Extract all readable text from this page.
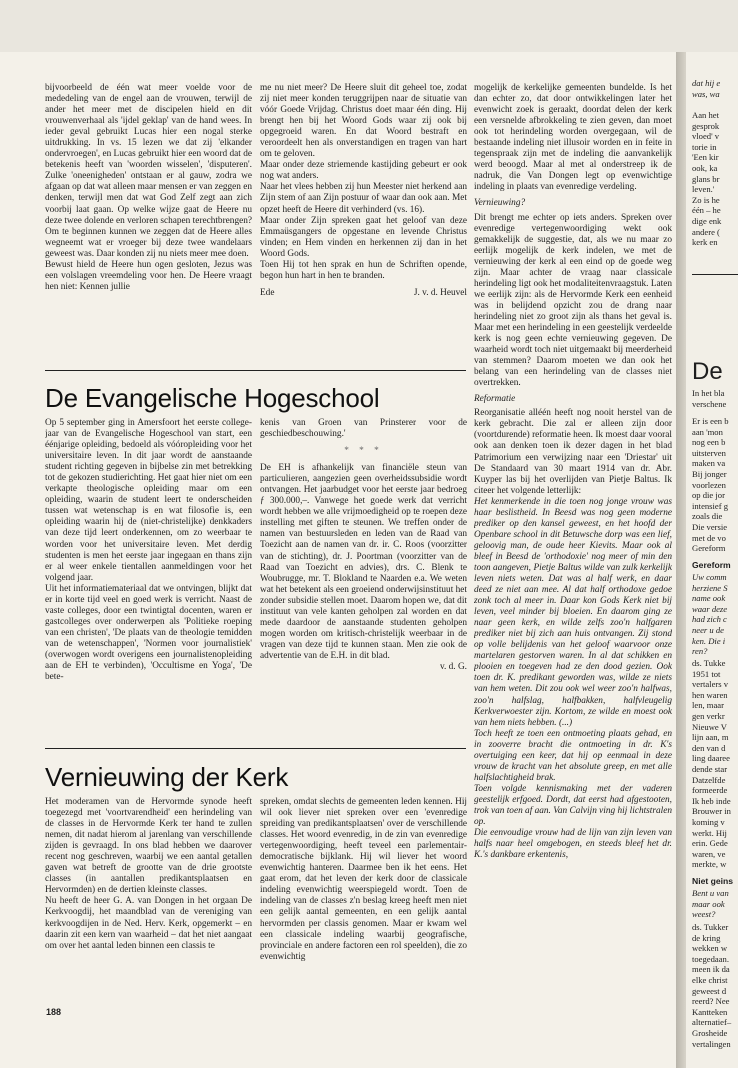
bijvoorbeeld de één wat meer voelde voor de mededeling van de engel aan de vrouwen, terwijl de ander het meer met de discipelen hield en dit vrouwenverhaal als 'ijdel geklap' van de hand wees. In ieder geval gebruikt Lucas hier een nogal sterke uitdrukking. In vs. 15 lezen we dat zij 'elkander ondervroegen', en Lucas gebruikt hier een woord dat de betekenis heeft van 'woorden wisselen', 'disputeren'. Zulke 'oneenigheden' ontstaan er al gauw, zodra we afgaan op dat wat alleen maar mensen er van zeggen en denken, terwijl men dat wat God Zelf zegt aan zich voorbij laat gaan. Op welke wijze gaat de Heere nu deze twee dolende en verloren schapen terechtbrengen? Om te beginnen kunnen we zeggen dat de Heere alles wegneemt wat er vroeger bij deze twee wandelaars geweest was. Daar konden zij nu niets meer mee doen.

Bewust hield de Heere hun ogen gesloten, Jezus was een volslagen vreemdeling voor hen. De Heere vraagt hen niet: Kennen jullie

me nu niet meer? De Heere sluit dit geheel toe, zodat zij niet meer konden teruggrijpen naar de situatie van vóór Goede Vrijdag. Christus doet maar één ding. Hij brengt hen bij het Woord Gods waar zij ook bij opgegroeid waren. En dat Woord bestraft en veroordeelt hen als onverstandigen en tragen van hart om te geloven.

Maar onder deze striemende kastijding gebeurt er ook nog wat anders.

Naar het vlees hebben zij hun Meester niet herkend aan Zijn stem of aan Zijn postuur of waar dan ook aan. Met opzet heeft de Heere dit verhinderd (vs. 16).

Maar onder Zijn spreken gaat het geloof van deze Emmaüsgangers de opgestane en levende Christus vinden; en Hem vinden en herkennen zij dan in het Woord Gods.

Toen Hij tot hen sprak en hun de Schriften opende, begon hun hart in hen te branden.

Ede	J. v. d. Heuvel
De Evangelische Hogeschool

Op 5 september ging in Amersfoort het eerste college-jaar van de Evangelische Hogeschool van start, een éénjarige opleiding, bedoeld als vóóropleiding voor het universitaire leven. In dit jaar wordt de aanstaande student richting gegeven in bijbelse zin met betrekking tot de gekozen studierichting. Het gaat hier niet om een verkapte theologische opleiding maar om een opleiding, waarin de student leert te onderscheiden tussen wat wetenschap is en wat filosofie is, een opleiding waarin hij de (niet-christelijke) denkkaders van deze tijd leert onderkennen, om zo weerbaar te worden voor het universitaire leven. Met derdig studenten is men het eerste jaar ingegaan en thans zijn er al weer enkele tientallen aanmeldingen voor het volgend jaar.

Uit het informatiemateriaal dat we ontvingen, blijkt dat er in korte tijd veel en goed werk is verricht. Naast de vaste colleges, door een twintigtal docenten, waren er gastcolleges over onderwerpen als 'Politieke roeping van een christen', 'De plaats van de theologie temidden van de wetenschappen', 'Normen voor journalistiek' (overwogen wordt overigens een journalistenopleiding aan de EH te verbinden), 'Occultisme en Yoga', 'De bete-

kenis van Groen van Prinsterer voor de geschiedbeschouwing.'

* * *

De EH is afhankelijk van financiële steun van particulieren, aangezien geen overheidssubsidie wordt ontvangen. Het jaarbudget voor het eerste jaar bedroeg ƒ 300.000,–. Vanwege het goede werk dat verricht wordt hebben we alle vrijmoedigheid op te roepen deze instelling met giften te steunen. We treffen onder de namen van bestuursleden en leden van de Raad van Toezicht aan de namen van dr. ir. C. Roos (voorzitter van de stichting), dr. J. Poortman (voorzitter van de Raad van Toezicht en advies), drs. C. Blenk te Woubrugge, mr. T. Blokland te Naarden e.a. We weten wat het betekent als een groeiend onderwijsinstituut het zonder subsidie stellen moet. Daarom hopen we, dat dit instituut van vele kanten geholpen zal worden en dat mede daardoor de aanstaande studenten geholpen mogen worden om kritisch-christelijk weerbaar in de vragen van deze tijd te kunnen staan. Men zie ook de advertentie van de E.H. in dit blad.

v. d. G.

Vernieuwing der Kerk

Het moderamen van de Hervormde synode heeft toegezegd met 'voortvarendheid' een herindeling van de classes in de Hervormde Kerk ter hand te zullen nemen, dit nadat hierom al jarenlang van verschillende zijden is gevraagd. In ons blad hebben we daarover recent nog geschreven, waarbij we een aantal getallen gaven wat betreft de grootte van de drie grootste classes (in aantallen predikantsplaatsen en Hervormden) en de dertien kleinste classes.

Nu heeft de heer G. A. van Dongen in het orgaan De Kerkvoogdij, het maandblad van de vereniging van kerkvoogdijen in de Ned. Herv. Kerk, opgemerkt – en daarin zit een kern van waarheid – dat het niet aangaat om over het aantal leden binnen een classis te

spreken, omdat slechts de gemeenten leden kennen. Hij wil ook liever niet spreken over een 'evenredige spreiding van predikantsplaatsen' over de verschillende classes. Het woord evenredig, in de zin van evenredige vertegenwoordiging, heeft teveel een parlementair-democratische bijklank. Hij wil liever het woord evenwichtig hanteren. Daarmee ben ik het eens. Het gaat erom, dat het leven der kerk door de classicale indeling evenwichtig weerspiegeld wordt. Toen de indeling van de classes z'n beslag kreeg heeft men niet een gelijk aantal gemeenten, en een gelijk aantal hervormden per classis genomen. Maar er kwam wel een classicale indeling waarbij geografische, provinciale en andere factoren een rol speelden), die zo evenwichtig

mogelijk de kerkelijke gemeenten bundelde. Is het dan echter zo, dat door ontwikkelingen later het evenwicht zoek is geraakt, doordat delen der kerk een versnelde afbrokkeling te zien geven, dan moet ook tot herindeling worden overgegaan, wil de bestaande indeling niet illusoir worden en in feite in tegenspraak zijn met de indeling die aanvankelijk werd beoogd. Maar al met al onderstreep ik de nadruk, die Van Dongen legt op evenwichtige indeling in plaats van evenredige verdeling.

Vernieuwing?

Dit brengt me echter op iets anders. Spreken over evenredige vertegenwoordiging wekt ook gemakkelijk de suggestie, dat, als we nu maar zo eerlijk mogelijk de kerk indelen, we met de vernieuwing der kerk al een eind op de goede weg zijn. Maar achter de vraag naar classicale herindeling ligt ook het modaliteitenvraagstuk. Laten we eerlijk zijn: als de Hervormde Kerk een eenheid was in belijdend opzicht zou de drang naar herindeling niet zo groot zijn als thans het geval is. Maar met een herindeling in een geestelijk verdeelde kerk is nog geen echte vernieuwing gegeven. De waarheid wordt toch niet uitgemaakt bij meerderheid van stemmen? Daarom moeten we dan ook het belang van een herindeling van de classes niet overtrekken.

Reformatie

Reorganisatie alléén heeft nog nooit herstel van de kerk gebracht. Die zal er alleen zijn door (voortdurende) reformatie heen. Ik moest daar vooral ook aan denken toen ik dezer dagen in het blad Patrimorium een verwijzing naar een 'Driestar' uit De Standaard van 30 maart 1914 van dr. Abr. Kuyper las bij het overlijden van Pietje Baltus. Ik citeer het volgende letterlijk:

Het kenmerkende in die toen nog jonge vrouw was haar beslistheid. In Beesd was nog geen moderne prediker op den kansel geweest, en het hoofd der Openbare school in dit Betuwsche dorp was een lief, geloovig man, de oude heer Kievits. Maar ook al bleef in Beesd de 'orthodoxie' nog meer of min den toon aangeven, Pietje Baltus wilde van zulk kerkelijk leven niets weten. Dat was al half werk, en daar deed ze niet aan mee. Al dat half orthodoxe gedoe zonk toch al meer in. Daar kon Gods Kerk niet bij leven, veel minder bij bloeien. En daarom ging ze naar geen kerk, en wilde zelfs zoo'n halfgaren prediker niet bij zich aan huis ontvangen. Zij stond op volle belijdenis van het geloof waarvoor onze martelaren gestorven waren. In al dat schikken en plooien en toegeven had ze den dood gezien. Ook toen dr. K. predikant geworden was, wilde ze niets van hem weten. Dit zou ook wel weer zoo'n halfwas, zoo'n halfslag, halfbakken, halfvleugelig Kerkverwoester zijn. Kortom, ze wilde en moest ook van hem niets hebben. (...)

Toch heeft ze toen een ontmoeting plaats gehad, en in zooverre bracht die ontmoeting in dr. K's overtuiging een keer, dat hij op eenmaal in deze vrouw de kracht van het absolute greep, en met alle halfslachtigheid brak.

Toen volgde kennismaking met der vaderen geestelijk erfgoed. Dordt, dat eerst had afgestooten, trok van toen af aan. Van Calvijn ving hij lichtstralen op.

Die eenvoudige vrouw had de lijn van zijn leven van halfs naar heel omgebogen, en steeds bleef het dr. K.'s dankbare erkentenis,

188

dat hij e

was, wa

Aan het

gesprok

vloed' v

torie in

'Een kir

ook, ka

glans br

leven.'

Zo is he

één – he

dige enk

andere (

kerk en

De

In het bla

verschene

Er is een b

aan 'mon

nog een b

uitsterven

maken va

Bij jonger

voorlezen

op die jor

intensief g

zoals die

Die versie

met de vo

Gereform

Gereform

Uw comm

herziene S

name ook

waar deze

had zich c

neer u de

ken. Die i

ren?

ds. Tukke

1951 tot

vertalers v

hen waren

len, maar

gen verkr

Nieuwe V

lijn aan, m

den van d

ling daaree

dende star

Datzelfde

formeerde

Ik heb inde

Brouwer in

koming v

werkt. Hij

erin. Gede

waren, ve

merkte, w

Niet geins

Bent u van

maar ook

weest?

ds. Tukker

de kring

wekken w

toegedaan.

meen ik da

elke christ

geweest d

reerd? Nee

Kantteken

alternatief–

Grosheide

vertalingen
